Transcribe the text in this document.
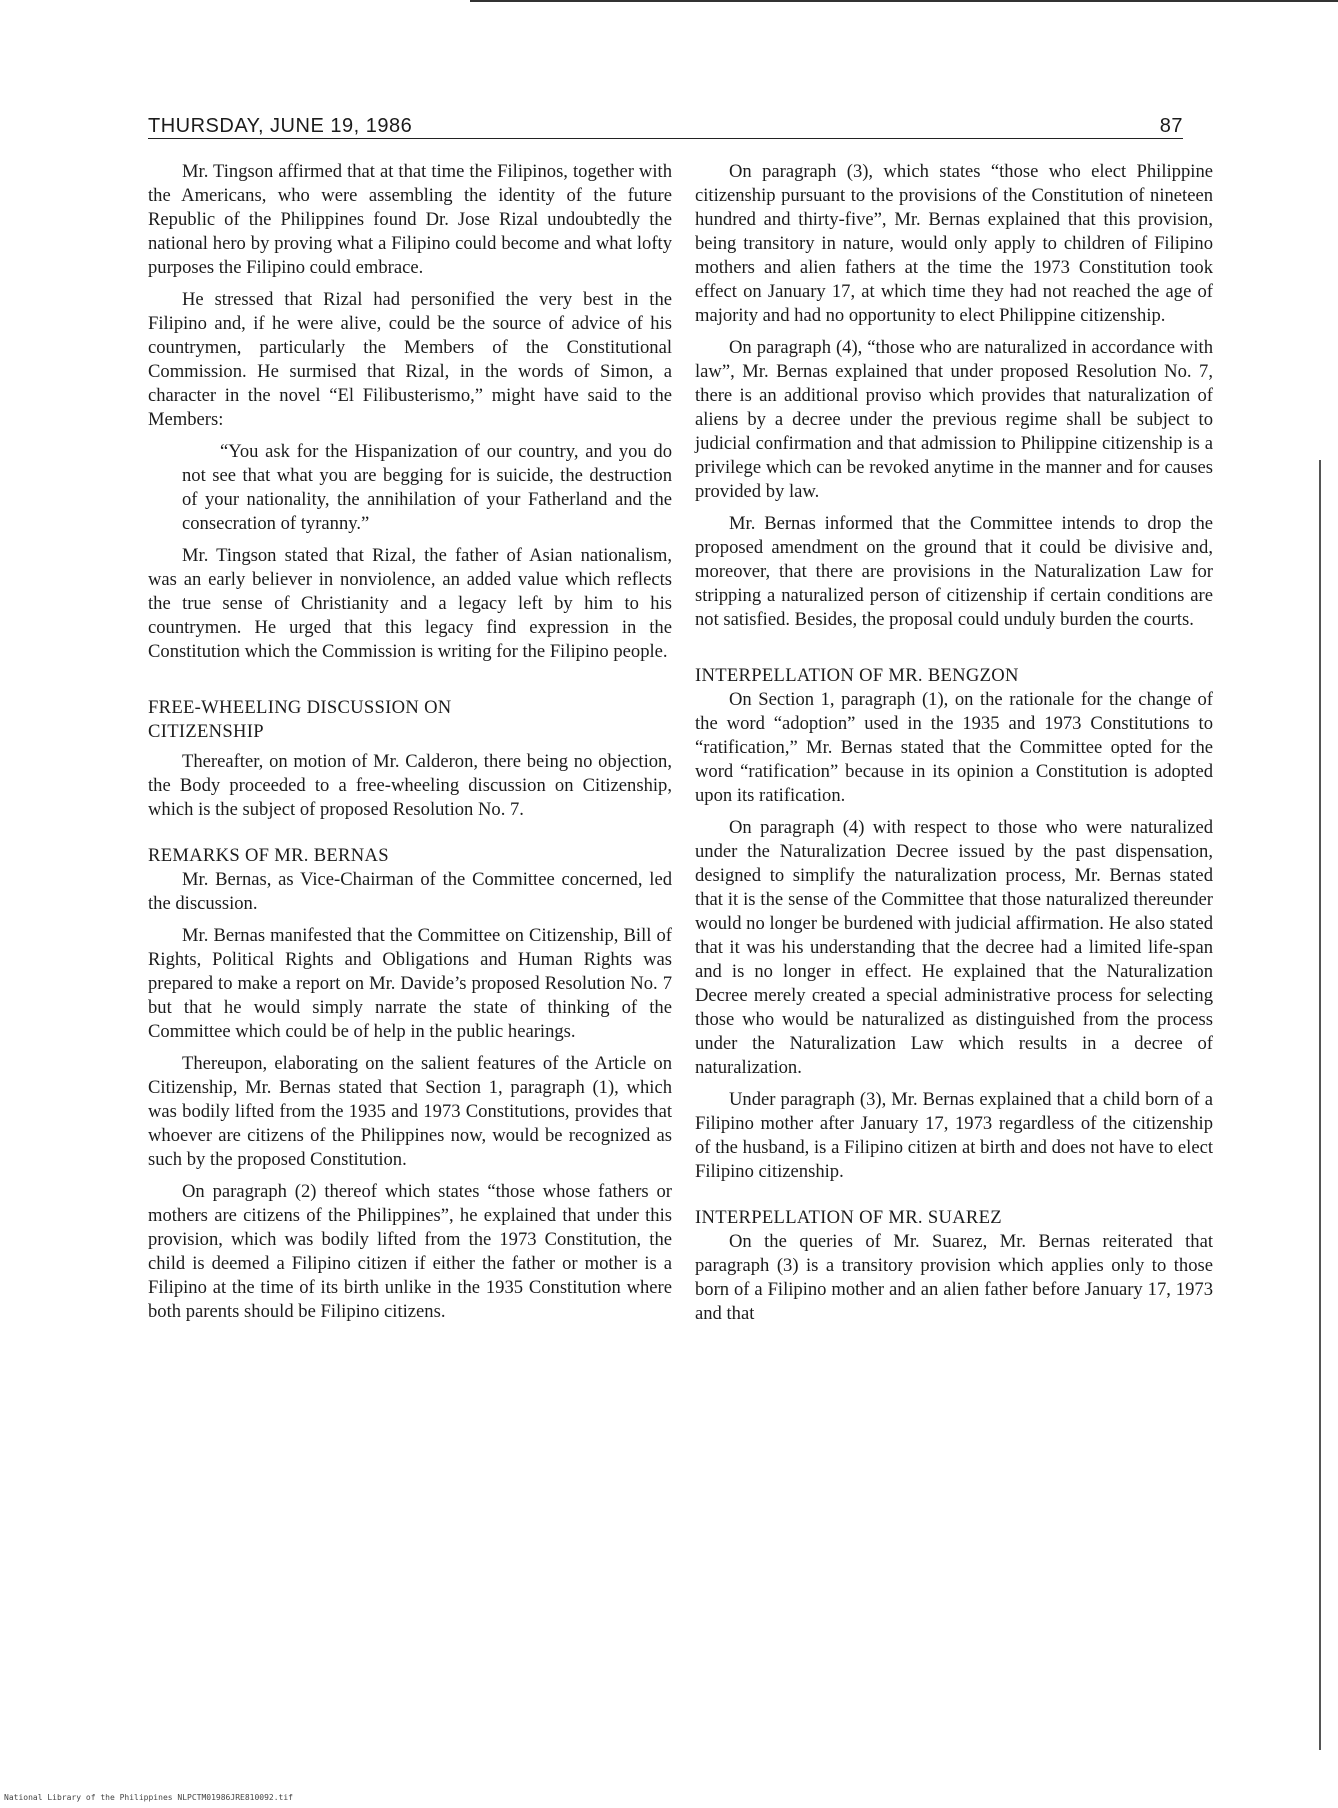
THURSDAY, JUNE 19, 1986	87

Mr. Tingson affirmed that at that time the Filipinos, together with the Americans, who were assembling the identity of the future Republic of the Philippines found Dr. Jose Rizal undoubtedly the national hero by proving what a Filipino could become and what lofty purposes the Filipino could embrace.

He stressed that Rizal had personified the very best in the Filipino and, if he were alive, could be the source of advice of his countrymen, particularly the Members of the Constitutional Commission. He surmised that Rizal, in the words of Simon, a character in the novel “El Filibusterismo,” might have said to the Members:

“You ask for the Hispanization of our country, and you do not see that what you are begging for is suicide, the destruction of your nationality, the annihilation of your Fatherland and the consecration of tyranny.”

Mr. Tingson stated that Rizal, the father of Asian nationalism, was an early believer in nonviolence, an added value which reflects the true sense of Christianity and a legacy left by him to his countrymen. He urged that this legacy find expression in the Constitution which the Commission is writing for the Filipino people.

FREE-WHEELING DISCUSSION ON
CITIZENSHIP

Thereafter, on motion of Mr. Calderon, there being no objection, the Body proceeded to a free-wheeling discussion on Citizenship, which is the subject of proposed Resolution No. 7.

REMARKS OF MR. BERNAS

Mr. Bernas, as Vice-Chairman of the Committee concerned, led the discussion.

Mr. Bernas manifested that the Committee on Citizenship, Bill of Rights, Political Rights and Obligations and Human Rights was prepared to make a report on Mr. Davide’s proposed Resolution No. 7 but that he would simply narrate the state of thinking of the Committee which could be of help in the public hearings.

Thereupon, elaborating on the salient features of the Article on Citizenship, Mr. Bernas stated that Section 1, paragraph (1), which was bodily lifted from the 1935 and 1973 Constitutions, provides that whoever are citizens of the Philippines now, would be recognized as such by the proposed Constitution.

On paragraph (2) thereof which states “those whose fathers or mothers are citizens of the Philippines”, he explained that under this provision, which was bodily lifted from the 1973 Constitution, the child is deemed a Filipino citizen if either the father or mother is a Filipino at the time of its birth unlike in the 1935 Constitution where both parents should be Filipino citizens.

On paragraph (3), which states “those who elect Philippine citizenship pursuant to the provisions of the Constitution of nineteen hundred and thirty-five”, Mr. Bernas explained that this provision, being transitory in nature, would only apply to children of Filipino mothers and alien fathers at the time the 1973 Constitution took effect on January 17, at which time they had not reached the age of majority and had no opportunity to elect Philippine citizenship.

On paragraph (4), “those who are naturalized in accordance with law”, Mr. Bernas explained that under proposed Resolution No. 7, there is an additional proviso which provides that naturalization of aliens by a decree under the previous regime shall be subject to judicial confirmation and that admission to Philippine citizenship is a privilege which can be revoked anytime in the manner and for causes provided by law.

Mr. Bernas informed that the Committee intends to drop the proposed amendment on the ground that it could be divisive and, moreover, that there are provisions in the Naturalization Law for stripping a naturalized person of citizenship if certain conditions are not satisfied. Besides, the proposal could unduly burden the courts.

INTERPELLATION OF MR. BENGZON

On Section 1, paragraph (1), on the rationale for the change of the word “adoption” used in the 1935 and 1973 Constitutions to “ratification,” Mr. Bernas stated that the Committee opted for the word “ratification” because in its opinion a Constitution is adopted upon its ratification.

On paragraph (4) with respect to those who were naturalized under the Naturalization Decree issued by the past dispensation, designed to simplify the naturalization process, Mr. Bernas stated that it is the sense of the Committee that those naturalized thereunder would no longer be burdened with judicial affirmation. He also stated that it was his understanding that the decree had a limited life-span and is no longer in effect. He explained that the Naturalization Decree merely created a special administrative process for selecting those who would be naturalized as distinguished from the process under the Naturalization Law which results in a decree of naturalization.

Under paragraph (3), Mr. Bernas explained that a child born of a Filipino mother after January 17, 1973 regardless of the citizenship of the husband, is a Filipino citizen at birth and does not have to elect Filipino citizenship.

INTERPELLATION OF MR. SUAREZ

On the queries of Mr. Suarez, Mr. Bernas reiterated that paragraph (3) is a transitory provision which applies only to those born of a Filipino mother and an alien father before January 17, 1973 and that

National Library of the Philippines NLPCTM01986JRE810092.tif
